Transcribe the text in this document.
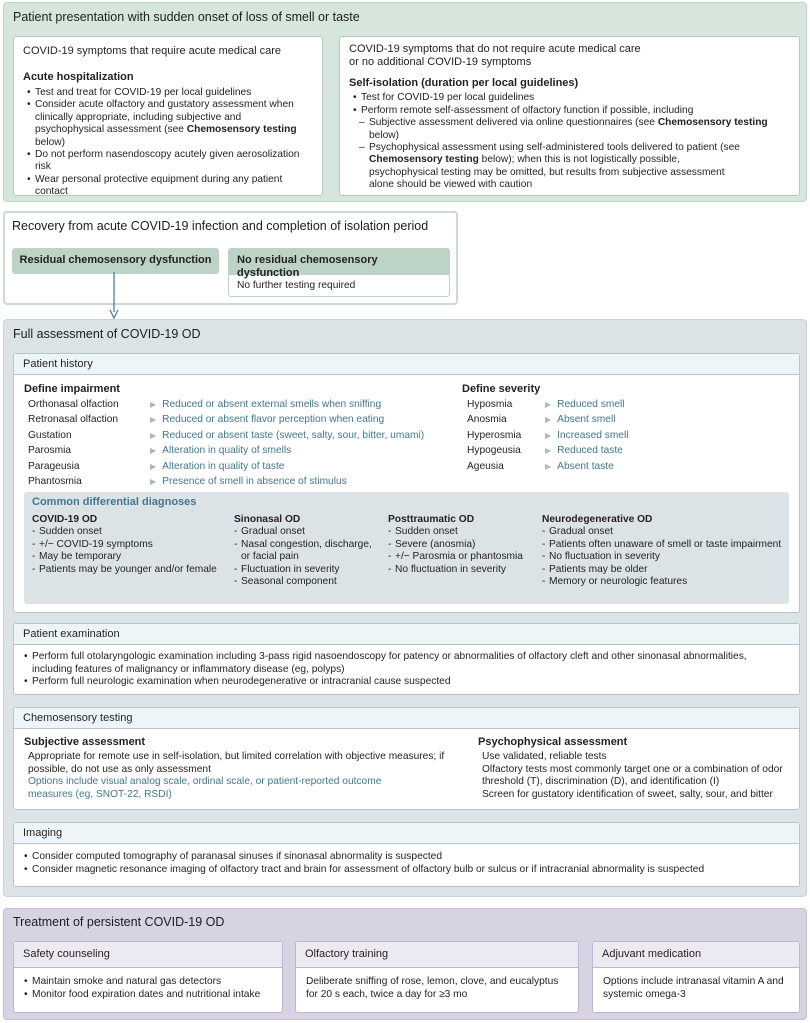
Patient presentation with sudden onset of loss of smell or taste
COVID-19 symptoms that require acute medical care
Acute hospitalization
• Test and treat for COVID-19 per local guidelines
• Consider acute olfactory and gustatory assessment when clinically appropriate, including subjective and psychophysical assessment (see Chemosensory testing below)
• Do not perform nasendoscopy acutely given aerosolization risk
• Wear personal protective equipment during any patient contact
COVID-19 symptoms that do not require acute medical care or no additional COVID-19 symptoms
Self-isolation (duration per local guidelines)
• Test for COVID-19 per local guidelines
• Perform remote self-assessment of olfactory function if possible, including
– Subjective assessment delivered via online questionnaires (see Chemosensory testing below)
– Psychophysical assessment using self-administered tools delivered to patient (see Chemosensory testing below); when this is not logistically possible, psychophysical testing may be omitted, but results from subjective assessment alone should be viewed with caution
Recovery from acute COVID-19 infection and completion of isolation period
Residual chemosensory dysfunction	No residual chemosensory dysfunction
No further testing required
Full assessment of COVID-19 OD
Patient history
Define impairment
Orthonasal olfaction	▶ Reduced or absent external smells when sniffing
Retronasal olfaction	▶ Reduced or absent flavor perception when eating
Gustation	▶ Reduced or absent taste (sweet, salty, sour, bitter, umami)
Parosmia	▶ Alteration in quality of smells
Parageusia	▶ Alteration in quality of taste
Phantosmia	▶ Presence of smell in absence of stimulus
Define severity
Hyposmia	▶ Reduced smell
Anosmia	▶ Absent smell
Hyperosmia	▶ Increased smell
Hypogeusia	▶ Reduced taste
Ageusia	▶ Absent taste
Common differential diagnoses
COVID-19 OD
- Sudden onset
- +/− COVID-19 symptoms
- May be temporary
- Patients may be younger and/or female
Sinonasal OD
- Gradual onset
- Nasal congestion, discharge, or facial pain
- Fluctuation in severity
- Seasonal component
Posttraumatic OD
- Sudden onset
- Severe (anosmia)
- +/− Parosmia or phantosmia
- No fluctuation in severity
Neurodegenerative OD
- Gradual onset
- Patients often unaware of smell or taste impairment
- No fluctuation in severity
- Patients may be older
- Memory or neurologic features
Patient examination
• Perform full otolaryngologic examination including 3-pass rigid nasoendoscopy for patency or abnormalities of olfactory cleft and other sinonasal abnormalities, including features of malignancy or inflammatory disease (eg, polyps)
• Perform full neurologic examination when neurodegenerative or intracranial cause suspected
Chemosensory testing
Subjective assessment
Appropriate for remote use in self-isolation, but limited correlation with objective measures; if possible, do not use as only assessment
Options include visual analog scale, ordinal scale, or patient-reported outcome measures (eg, SNOT-22, RSDI)
Psychophysical assessment
Use validated, reliable tests
Olfactory tests most commonly target one or a combination of odor threshold (T), discrimination (D), and identification (I)
Screen for gustatory identification of sweet, salty, sour, and bitter
Imaging
• Consider computed tomography of paranasal sinuses if sinonasal abnormality is suspected
• Consider magnetic resonance imaging of olfactory tract and brain for assessment of olfactory bulb or sulcus or if intracranial abnormality is suspected
Treatment of persistent COVID-19 OD
Safety counseling
• Maintain smoke and natural gas detectors
• Monitor food expiration dates and nutritional intake
Olfactory training
Deliberate sniffing of rose, lemon, clove, and eucalyptus for 20 s each, twice a day for ≥3 mo
Adjuvant medication
Options include intranasal vitamin A and systemic omega-3
